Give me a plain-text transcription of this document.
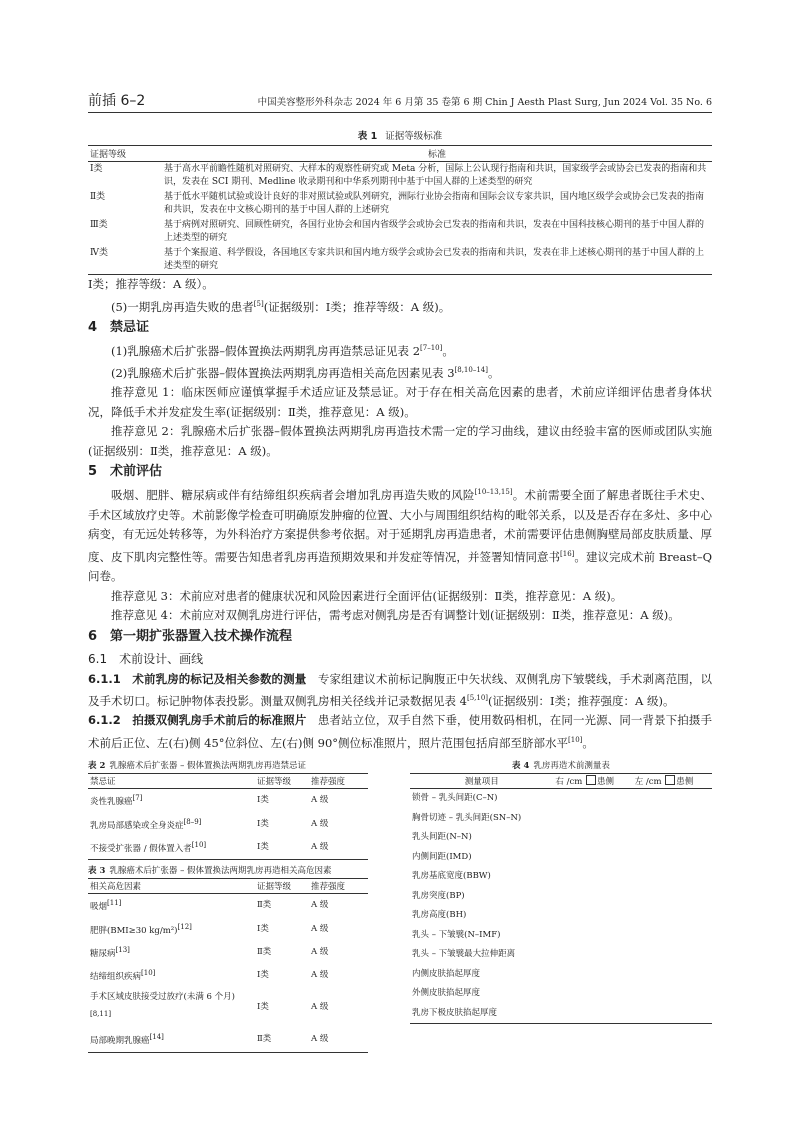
前插 6–2	中国美容整形外科杂志 2024 年 6 月第 35 卷第 6 期 Chin J Aesth Plast Surg, Jun 2024 Vol. 35 No. 6
表 1 证据等级标准
证据等级	标准
Ⅰ类	基于高水平前瞻性随机对照研究、大样本的观察性研究或 Meta 分析，国际上公认现行指南和共识，国家级学会或协会已发表的指南和共识，发表在 SCI 期刊、Medline 收录期刊和中华系列期刊中基于中国人群的上述类型的研究
Ⅱ类	基于低水平随机试验或设计良好的非对照试验或队列研究，洲际行业协会指南和国际会议专家共识，国内地区级学会或协会已发表的指南和共识，发表在中文核心期刊的基于中国人群的上述研究
Ⅲ类	基于病例对照研究、回顾性研究，各国行业协会和国内省级学会或协会已发表的指南和共识，发表在中国科技核心期刊的基于中国人群的上述类型的研究
Ⅳ类	基于个案报道、科学假设，各国地区专家共识和国内地方级学会或协会已发表的指南和共识，发表在非上述核心期刊的基于中国人群的上述类型的研究

Ⅰ类；推荐等级：A 级）。

(5)一期乳房再造失败的患者[5](证据级别：Ⅰ类；推荐等级：A 级)。

4　禁忌证

(1)乳腺癌术后扩张器–假体置换法两期乳房再造禁忌证见表 2[7–10]。

(2)乳腺癌术后扩张器–假体置换法两期乳房再造相关高危因素见表 3[8,10–14]。

推荐意见 1：临床医师应谨慎掌握手术适应证及禁忌证。对于存在相关高危因素的患者，术前应详细评估患者身体状况，降低手术并发症发生率(证据级别：Ⅱ类，推荐意见：A 级)。

推荐意见 2：乳腺癌术后扩张器–假体置换法两期乳房再造技术需一定的学习曲线，建议由经验丰富的医师或团队实施(证据级别：Ⅱ类，推荐意见：A 级)。

5　术前评估

吸烟、肥胖、糖尿病或伴有结缔组织疾病者会增加乳房再造失败的风险[10–13,15]。术前需要全面了解患者既往手术史、手术区域放疗史等。术前影像学检查可明确原发肿瘤的位置、大小与周围组织结构的毗邻关系，以及是否存在多灶、多中心病变，有无远处转移等，为外科治疗方案提供参考依据。对于延期乳房再造患者，术前需要评估患侧胸壁局部皮肤质量、厚度、皮下肌肉完整性等。需要告知患者乳房再造预期效果和并发症等情况，并签署知情同意书[16]。建议完成术前 Breast–Q 问卷。

推荐意见 3：术前应对患者的健康状况和风险因素进行全面评估(证据级别：Ⅱ类，推荐意见：A 级)。

推荐意见 4：术前应对双侧乳房进行评估，需考虑对侧乳房是否有调整计划(证据级别：Ⅱ类，推荐意见：A 级)。

6　第一期扩张器置入技术操作流程

6.1　术前设计、画线

6.1.1　术前乳房的标记及相关参数的测量　专家组建议术前标记胸腹正中矢状线、双侧乳房下皱襞线，手术剥离范围，以及手术切口。标记肿物体表投影。测量双侧乳房相关径线并记录数据见表 4[5,10](证据级别：Ⅰ类；推荐强度：A 级)。

6.1.2　拍摄双侧乳房手术前后的标准照片　患者站立位，双手自然下垂，使用数码相机，在同一光源、同一背景下拍摄手术前后正位、左(右)侧 45°位斜位、左(右)侧 90°侧位标准照片，照片范围包括肩部至脐部水平[10]。

表 2 乳腺癌术后扩张器 – 假体置换法两期乳房再造禁忌证
禁忌证	证据等级	推荐强度
炎性乳腺癌[7]	Ⅰ类	A 级
乳房局部感染或全身炎症[8–9]	Ⅰ类	A 级
不接受扩张器 / 假体置入者[10]	Ⅰ类	A 级
表 3 乳腺癌术后扩张器 – 假体置换法两期乳房再造相关高危因素
相关高危因素	证据等级	推荐强度
吸烟[11]	Ⅱ类	A 级
肥胖(BMI≥30 kg/m²)[12]	Ⅰ类	A 级
糖尿病[13]	Ⅱ类	A 级
结缔组织疾病[10]	Ⅰ类	A 级
手术区域皮肤接受过放疗(未满 6 个月)[8,11]	Ⅰ类	A 级
局部晚期乳腺癌[14]	Ⅱ类	A 级
表 4 乳房再造术前测量表
测量项目	右 /cm 患侧	左 /cm 患侧
锁骨 – 乳头间距(C–N)		
胸骨切迹 – 乳头间距(SN–N)		
乳头间距(N–N)		
内侧间距(IMD)		
乳房基底宽度(BBW)		
乳房突度(BP)		
乳房高度(BH)		
乳头 – 下皱襞(N–IMF)		
乳头 – 下皱襞最大拉伸距离		
内侧皮肤掐起厚度		
外侧皮肤掐起厚度		
乳房下极皮肤掐起厚度		
